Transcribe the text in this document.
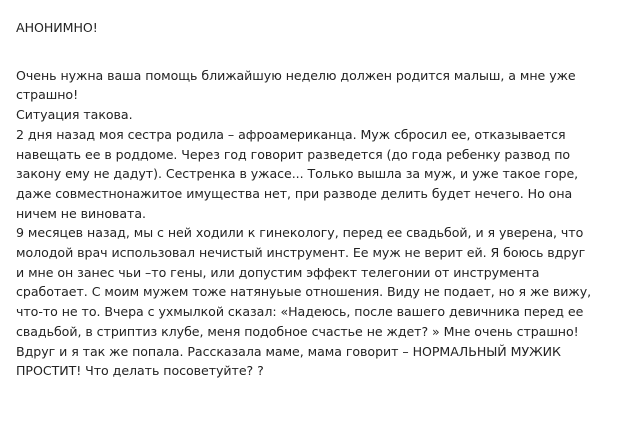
АНОНИМНО!
Очень нужна ваша помощь ближайшую неделю должен родится малыш, а мне уже
страшно!
Ситуация такова.
2 дня назад моя сестра родила – афроамериканца. Муж сбросил ее, отказывается
навещать ее в роддоме. Через год говорит разведется (до года ребенку развод по
закону ему не дадут). Сестренка в ужасе... Только вышла за муж, и уже такое горе,
даже совместнонажитое имущества нет, при разводе делить будет нечего. Но она
ничем не виновата.
9 месяцев назад, мы с ней ходили к гинекологу, перед ее свадьбой, и я уверена, что
молодой врач использовал нечистый инструмент. Ее муж не верит ей. Я боюсь вдруг
и мне он занес чьи –то гены, или допустим эффект телегонии от инструмента
сработает. С моим мужем тоже натянуьые отношения. Виду не подает, но я же вижу,
что-то не то. Вчера с ухмылкой сказал: «Надеюсь, после вашего девичника перед ее
свадьбой, в стриптиз клубе, меня подобное счастье не ждет? » Мне очень страшно!
Вдруг и я так же попала. Рассказала маме, мама говорит – НОРМАЛЬНЫЙ МУЖИК
ПРОСТИТ! Что делать посоветуйте? ?
